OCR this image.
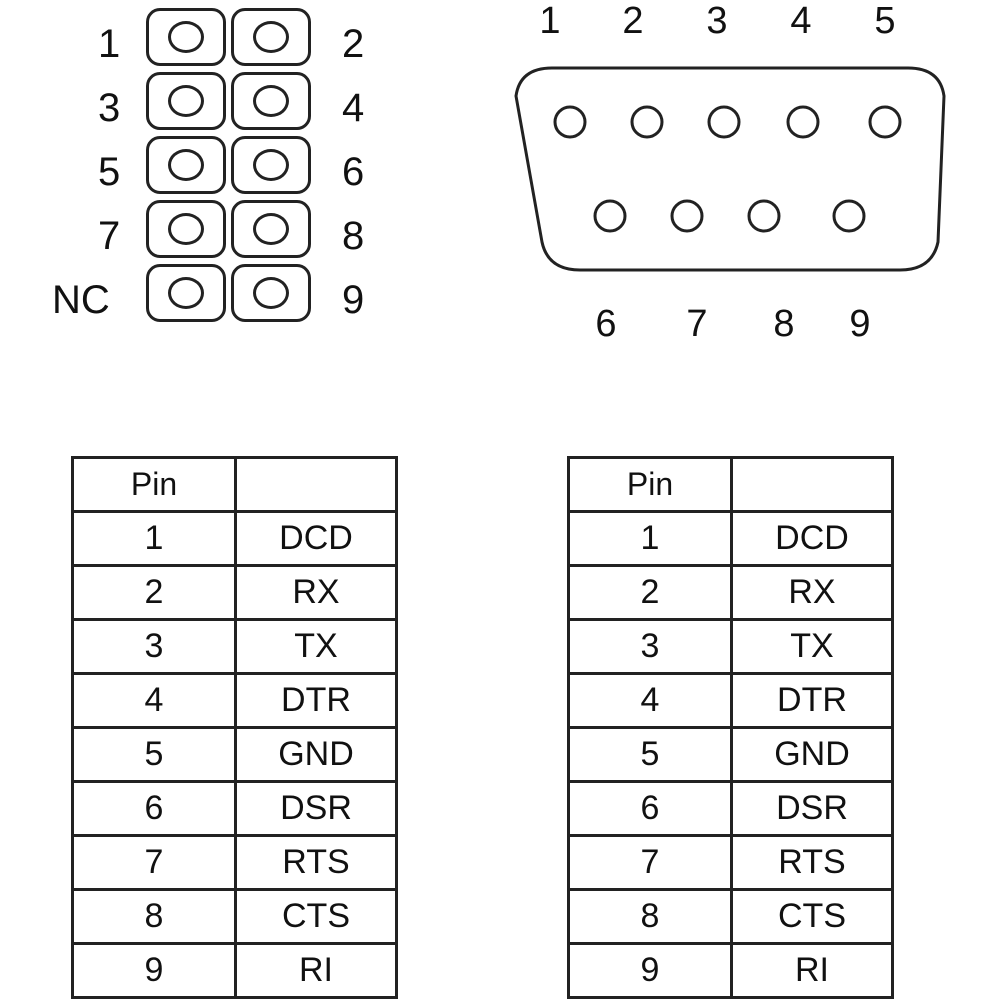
1
3
5
7
NC
2
4
6
8
9
1 2 3 4 5
6 7 8 9
Pin	
1	DCD
2	RX
3	TX
4	DTR
5	GND
6	DSR
7	RTS
8	CTS
9	RI
Pin	
1	DCD
2	RX
3	TX
4	DTR
5	GND
6	DSR
7	RTS
8	CTS
9	RI
